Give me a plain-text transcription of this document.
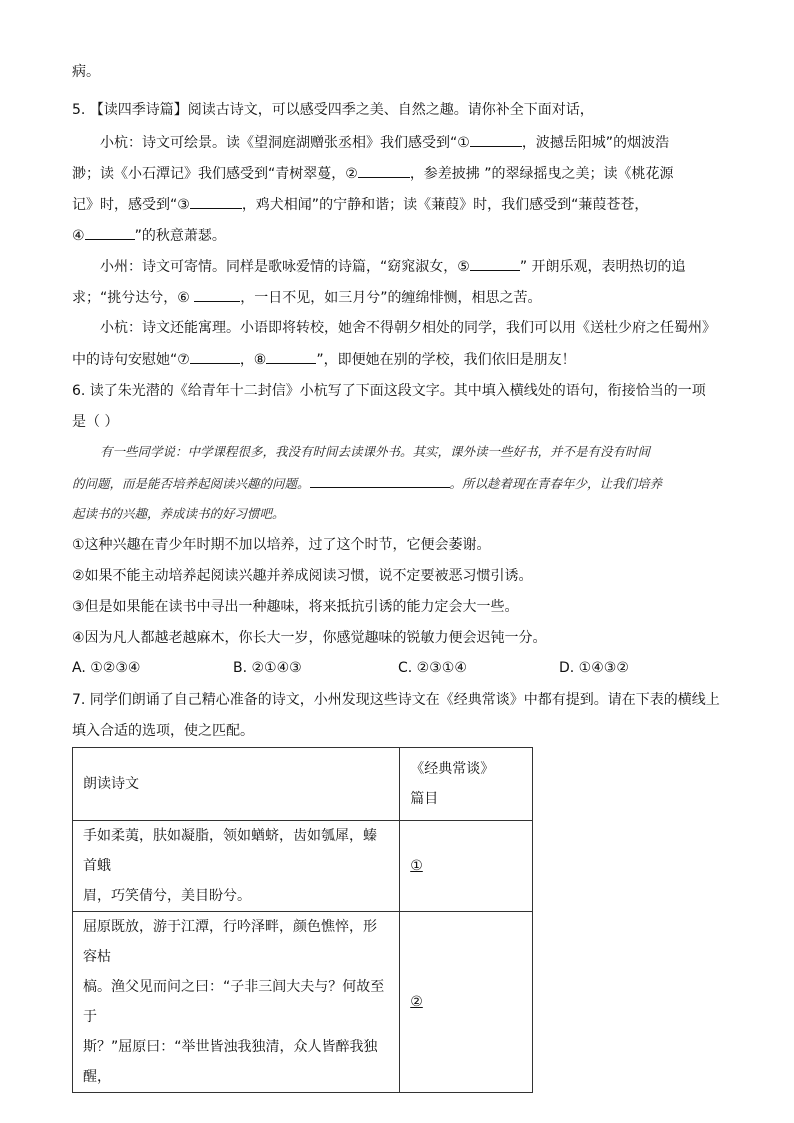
病。
5. 【读四季诗篇】阅读古诗文，可以感受四季之美、自然之趣。请你补全下面对话，
小杭：诗文可绘景。读《望洞庭湖赠张丞相》我们感受到“①	，波撼岳阳城”的烟波浩
渺；读《小石潭记》我们感受到“青树翠蔓，②	，参差披拂 ”的翠绿摇曳之美；读《桃花源
记》时，感受到“③	，鸡犬相闻”的宁静和谐；读《蒹葭》时，我们感受到“蒹葭苍苍，
④	”的秋意萧瑟。
小州：诗文可寄情。同样是歌咏爱情的诗篇，“窈窕淑女，⑤	” 开朗乐观，表明热切的追
求；“挑兮达兮，⑥	，一日不见，如三月兮”的缠绵悱恻，相思之苦。
小杭：诗文还能寓理。小语即将转校，她舍不得朝夕相处的同学，我们可以用《送杜少府之任蜀州》
中的诗句安慰她“⑦	，⑧	”，即便她在别的学校，我们依旧是朋友！
6. 读了朱光潜的《给青年十二封信》小杭写了下面这段文字。其中填入横线处的语句，衔接恰当的一项
是（ ）
有一些同学说：中学课程很多，我没有时间去读课外书。其实，课外读一些好书，并不是有没有时间
的问题，而是能否培养起阅读兴趣的问题。	。所以趁着现在青春年少，让我们培养
起读书的兴趣，养成读书的好习惯吧。
①这种兴趣在青少年时期不加以培养，过了这个时节，它便会萎谢。
②如果不能主动培养起阅读兴趣并养成阅读习惯，说不定要被恶习惯引诱。
③但是如果能在读书中寻出一种趣味，将来抵抗引诱的能力定会大一些。
④因为凡人都越老越麻木，你长大一岁，你感觉趣味的锐敏力便会迟钝一分。
A. ①②③④	B. ②①④③	C. ②③①④	D. ①④③②
7. 同学们朗诵了自己精心准备的诗文，小州发现这些诗文在《经典常谈》中都有提到。请在下表的横线上
填入合适的选项，使之匹配。
朗读诗文	《经典常谈》
篇目

手如柔荑，肤如凝脂，领如蝤蛴，齿如瓠犀，螓首蛾
眉，巧笑倩兮，美目盼兮。	①

屈原既放，游于江潭，行吟泽畔，颜色憔悴，形容枯
槁。渔父见而问之曰：“子非三闾大夫与？何故至于
斯？”屈原曰：“举世皆浊我独清，众人皆醉我独醒，	②
